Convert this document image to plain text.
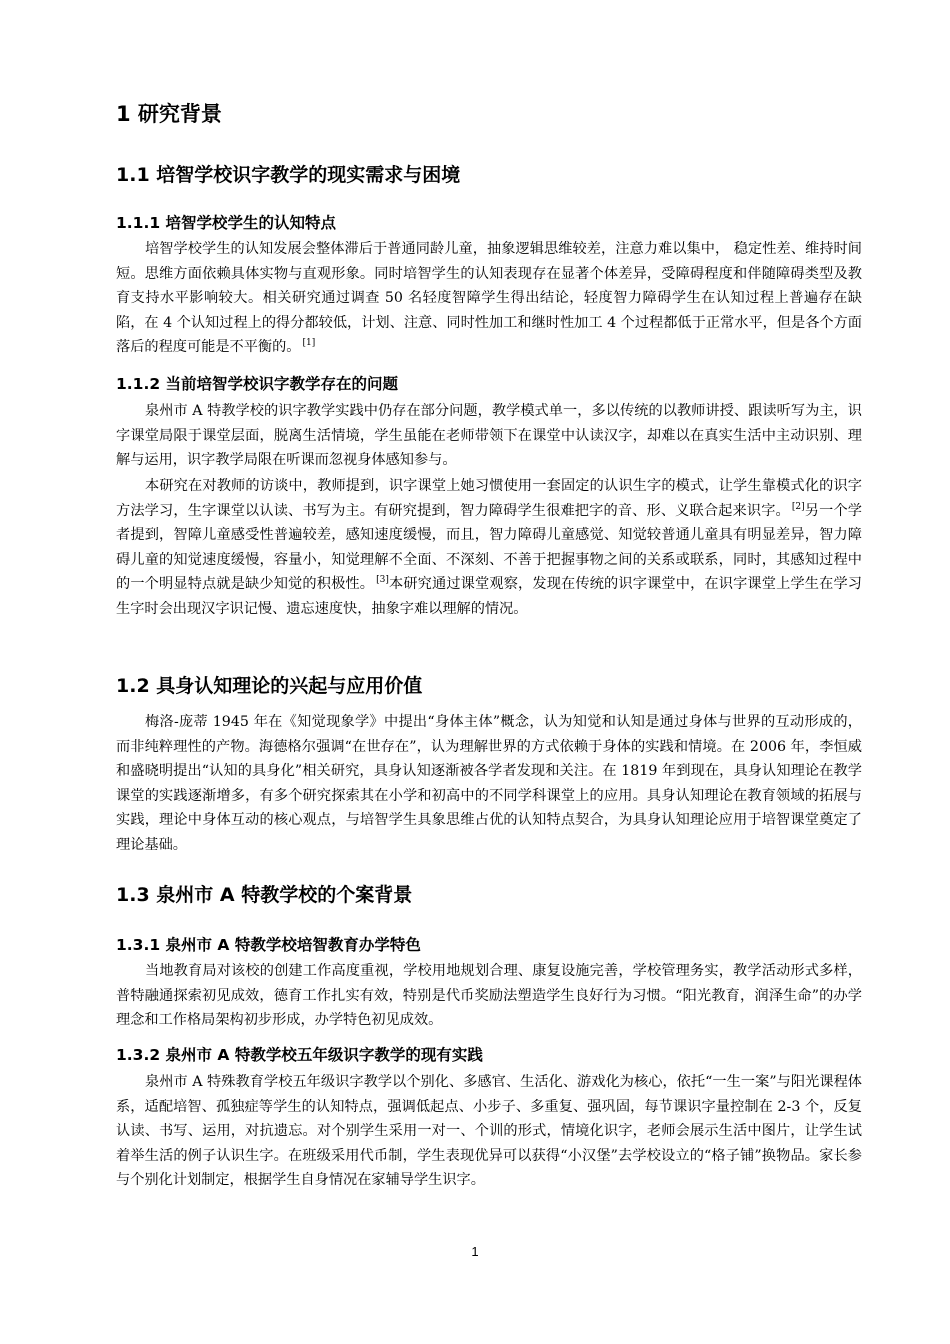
1 研究背景
1.1 培智学校识字教学的现实需求与困境
1.1.1 培智学校学生的认知特点

培智学校学生的认知发展会整体滞后于普通同龄儿童，抽象逻辑思维较差，注意力难以集中， 稳定性差、维持时间短。思维方面依赖具体实物与直观形象。同时培智学生的认知表现存在显著个体差异，受障碍程度和伴随障碍类型及教育支持水平影响较大。相关研究通过调查 50 名轻度智障学生得出结论，轻度智力障碍学生在认知过程上普遍存在缺陷，在 4 个认知过程上的得分都较低，计划、注意、同时性加工和继时性加工 4 个过程都低于正常水平，但是各个方面落后的程度可能是不平衡的。 [1]

1.1.2 当前培智学校识字教学存在的问题

泉州市 A 特教学校的识字教学实践中仍存在部分问题，教学模式单一，多以传统的以教师讲授、跟读听写为主，识字课堂局限于课堂层面，脱离生活情境，学生虽能在老师带领下在课堂中认读汉字，却难以在真实生活中主动识别、理解与运用，识字教学局限在听课而忽视身体感知参与。

本研究在对教师的访谈中，教师提到，识字课堂上她习惯使用一套固定的认识生字的模式，让学生靠模式化的识字方法学习，生字课堂以认读、书写为主。有研究提到，智力障碍学生很难把字的音、形、义联合起来识字。 [2]另一个学者提到，智障儿童感受性普遍较差，感知速度缓慢，而且，智力障碍儿童感觉、知觉较普通儿童具有明显差异，智力障碍儿童的知觉速度缓慢，容量小，知觉理解不全面、不深刻、不善于把握事物之间的关系或联系，同时，其感知过程中的一个明显特点就是缺少知觉的积极性。 [3]本研究通过课堂观察，发现在传统的识字课堂中，在识字课堂上学生在学习生字时会出现汉字识记慢、遗忘速度快，抽象字难以理解的情况。

1.2 具身认知理论的兴起与应用价值

梅洛-庞蒂 1945 年在《知觉现象学》中提出“身体主体”概念，认为知觉和认知是通过身体与世界的互动形成的，而非纯粹理性的产物。海德格尔强调“在世存在”，认为理解世界的方式依赖于身体的实践和情境。在 2006 年，李恒威和盛晓明提出“认知的具身化”相关研究，具身认知逐渐被各学者发现和关注。在 1819 年到现在，具身认知理论在教学课堂的实践逐渐增多，有多个研究探索其在小学和初高中的不同学科课堂上的应用。具身认知理论在教育领域的拓展与实践，理论中身体互动的核心观点，与培智学生具象思维占优的认知特点契合，为具身认知理论应用于培智课堂奠定了理论基础。

1.3 泉州市 A 特教学校的个案背景
1.3.1 泉州市 A 特教学校培智教育办学特色

当地教育局对该校的创建工作高度重视，学校用地规划合理、康复设施完善，学校管理务实，教学活动形式多样，普特融通探索初见成效，德育工作扎实有效，特别是代币奖励法塑造学生良好行为习惯。“阳光教育，润泽生命”的办学理念和工作格局架构初步形成，办学特色初见成效。

1.3.2 泉州市 A 特教学校五年级识字教学的现有实践

泉州市 A 特殊教育学校五年级识字教学以个别化、多感官、生活化、游戏化为核心，依托“一生一案”与阳光课程体系，适配培智、孤独症等学生的认知特点，强调低起点、小步子、多重复、强巩固，每节课识字量控制在 2-3 个，反复认读、书写、运用，对抗遗忘。对个别学生采用一对一、个训的形式，情境化识字，老师会展示生活中图片，让学生试着举生活的例子认识生字。在班级采用代币制，学生表现优异可以获得“小汉堡”去学校设立的“格子铺”换物品。家长参与个别化计划制定，根据学生自身情况在家辅导学生识字。

1
